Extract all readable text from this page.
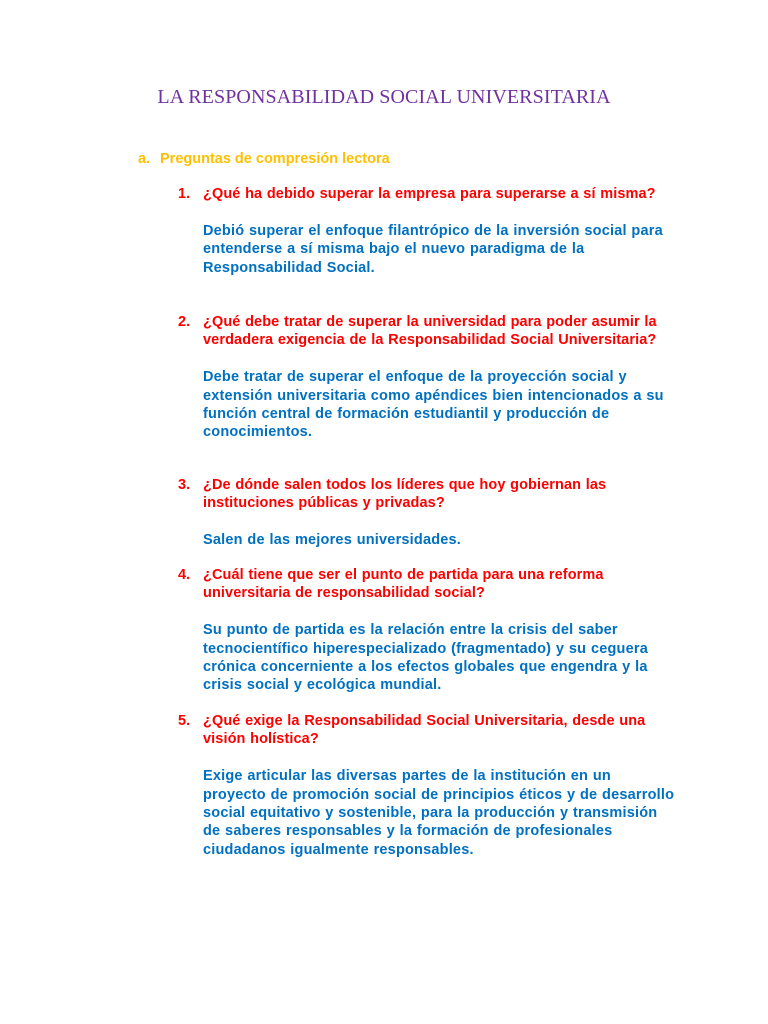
LA RESPONSABILIDAD SOCIAL UNIVERSITARIA
a. Preguntas de compresión lectora
1. ¿Qué ha debido superar la empresa para superarse a sí misma?
Debió superar el enfoque filantrópico de la inversión social para entenderse a sí misma bajo el nuevo paradigma de la Responsabilidad Social.
2. ¿Qué debe tratar de superar la universidad para poder asumir la verdadera exigencia de la Responsabilidad Social Universitaria?
Debe tratar de superar el enfoque de la proyección social y extensión universitaria como apéndices bien intencionados a su función central de formación estudiantil y producción de conocimientos.
3. ¿De dónde salen todos los líderes que hoy gobiernan las instituciones públicas y privadas?
Salen de las mejores universidades.
4. ¿Cuál tiene que ser el punto de partida para una reforma universitaria de responsabilidad social?
Su punto de partida es la relación entre la crisis del saber tecnocientífico hiperespecializado (fragmentado) y su ceguera crónica concerniente a los efectos globales que engendra y la crisis social y ecológica mundial.
5. ¿Qué exige la Responsabilidad Social Universitaria, desde una visión holística?
Exige articular las diversas partes de la institución en un proyecto de promoción social de principios éticos y de desarrollo social equitativo y sostenible, para la producción y transmisión de saberes responsables y la formación de profesionales ciudadanos igualmente responsables.
